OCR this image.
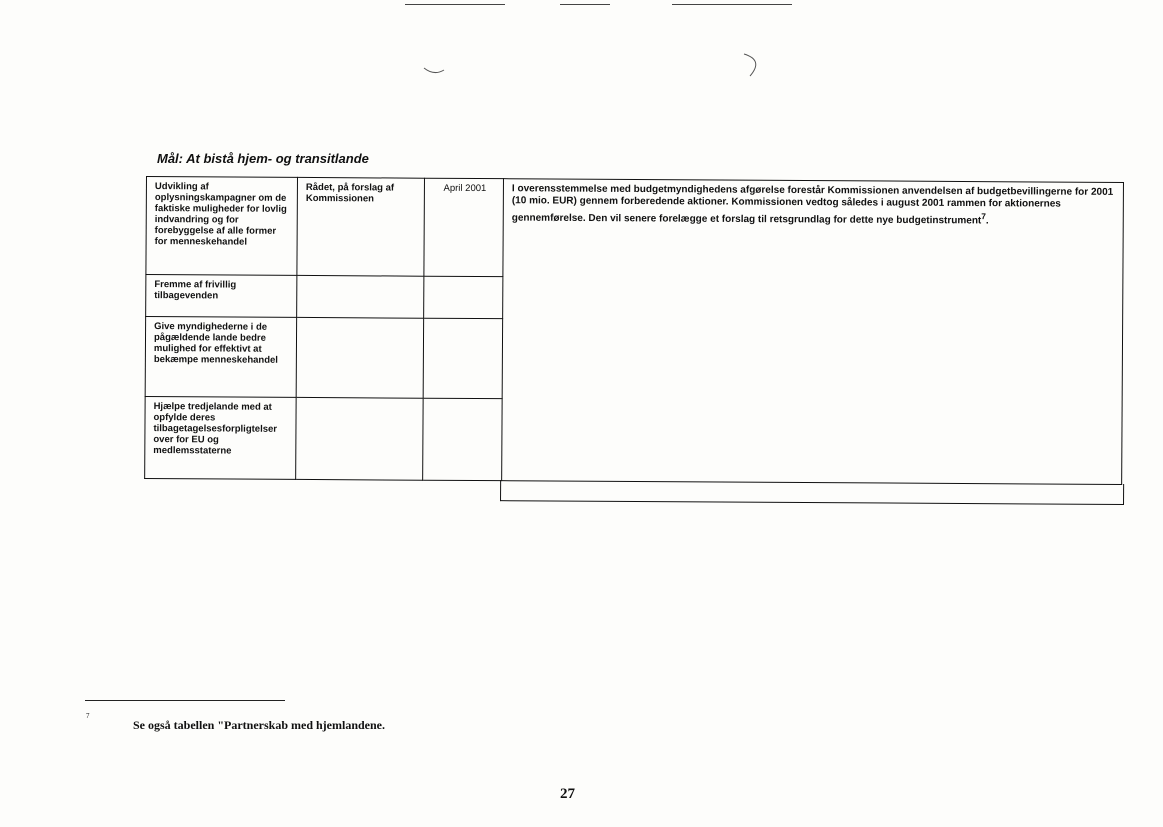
Mål: At bistå hjem- og transitlande
Udvikling af oplysningskampagner om de faktiske muligheder for lovlig indvandring og for forebyggelse af alle former for menneskehandel	Rådet, på forslag af Kommissionen	April 2001	I overensstemmelse med budgetmyndighedens afgørelse forestår Kommissionen anvendelsen af budgetbevillingerne for 2001 (10 mio. EUR) gennem forberedende aktioner. Kommissionen vedtog således i august 2001 rammen for aktionernes gennemførelse. Den vil senere forelægge et forslag til retsgrundlag for dette nye budgetinstrument$^7$.

Fremme af frivillig tilbagevenden			
Give myndighederne i de pågældende lande bedre mulighed for effektivt at bekæmpe menneskehandel			
Hjælpe tredjelande med at opfylde deres tilbagetagelsesforpligtelser over for EU og medlemsstaterne			
7
Se også tabellen "Partnerskab med hjemlandene.
27
